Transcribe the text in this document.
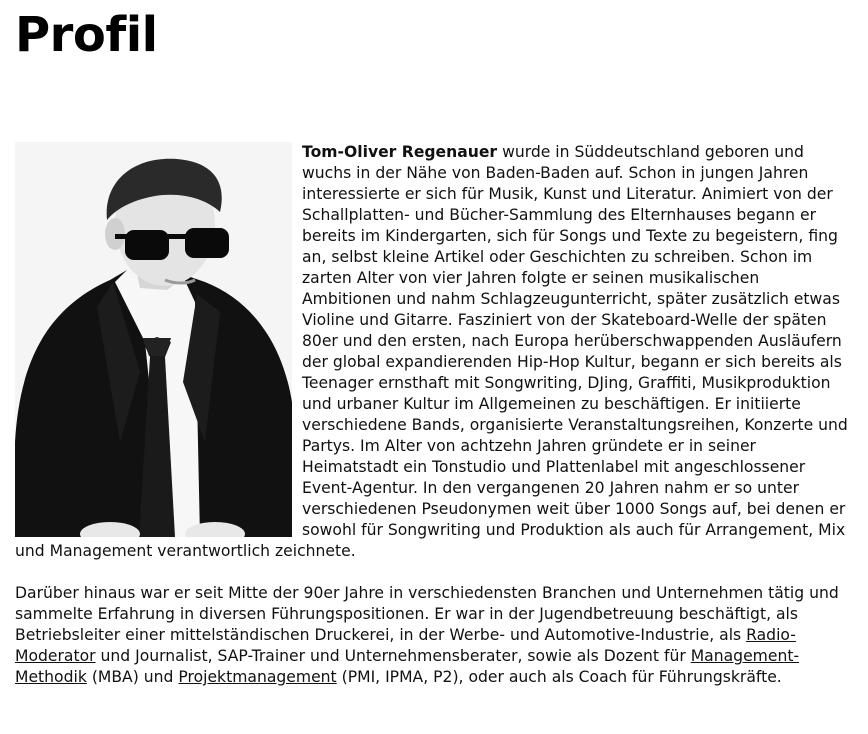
Profil

Tom-Oliver Regenauer wurde in Süddeutschland geboren und wuchs in der Nähe von Baden-Baden auf. Schon in jungen Jahren interessierte er sich für Musik, Kunst und Literatur. Animiert von der Schallplatten- und Bücher-Sammlung des Elternhauses begann er bereits im Kindergarten, sich für Songs und Texte zu begeistern, fing an, selbst kleine Artikel oder Geschichten zu schreiben. Schon im zarten Alter von vier Jahren folgte er seinen musikalischen Ambitionen und nahm Schlagzeugunterricht, später zusätzlich etwas Violine und Gitarre. Fasziniert von der Skateboard-Welle der späten 80er und den ersten, nach Europa herüberschwappenden Ausläufern der global expandierenden Hip-Hop Kultur, begann er sich bereits als Teenager ernsthaft mit Songwriting, DJing, Graffiti, Musikproduktion und urbaner Kultur im Allgemeinen zu beschäftigen. Er initiierte verschiedene Bands, organisierte Veranstaltungsreihen, Konzerte und Partys. Im Alter von achtzehn Jahren gründete er in seiner Heimatstadt ein Tonstudio und Plattenlabel mit angeschlossener Event-Agentur. In den vergangenen 20 Jahren nahm er so unter verschiedenen Pseudonymen weit über 1000 Songs auf, bei denen er sowohl für Songwriting und Produktion als auch für Arrangement, Mix und Management verantwortlich zeichnete.

Darüber hinaus war er seit Mitte der 90er Jahre in verschiedensten Branchen und Unternehmen tätig und sammelte Erfahrung in diversen Führungspositionen. Er war in der Jugendbetreuung beschäftigt, als Betriebsleiter einer mittelständischen Druckerei, in der Werbe- und Automotive-Industrie, als Radio-Moderator und Journalist, SAP-Trainer und Unternehmensberater, sowie als Dozent für Management-Methodik (MBA) und Projektmanagement (PMI, IPMA, P2), oder auch als Coach für Führungskräfte.
